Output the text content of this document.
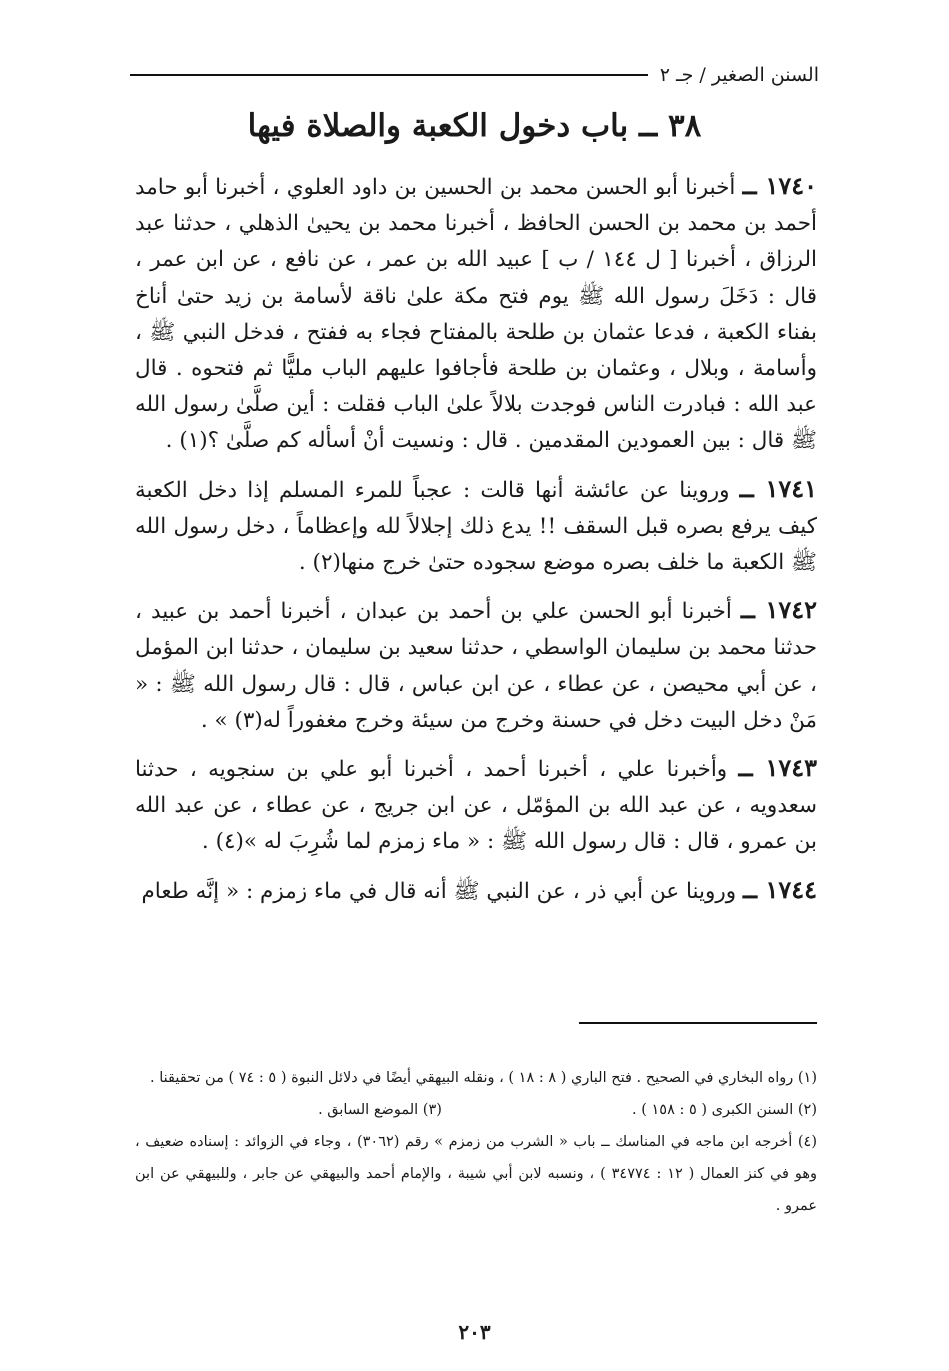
السنن الصغير / جـ ٢
٣٨ ــ باب دخول الكعبة والصلاة فيها

١٧٤٠ ــ أخبرنا أبو الحسن محمد بن الحسين بن داود العلوي ، أخبرنا أبو حامد أحمد بن محمد بن الحسن الحافظ ، أخبرنا محمد بن يحيىٰ الذهلي ، حدثنا عبد الرزاق ، أخبرنا [ ل ١٤٤ / ب ] عبيد الله بن عمر ، عن نافع ، عن ابن عمر ، قال : دَخَلَ رسول الله ﷺ يوم فتح مكة علىٰ ناقة لأسامة بن زيد حتىٰ أناخ بفناء الكعبة ، فدعا عثمان بن طلحة بالمفتاح فجاء به ففتح ، فدخل النبي ﷺ ، وأسامة ، وبلال ، وعثمان بن طلحة فأجافوا عليهم الباب مليًّا ثم فتحوه . قال عبد الله : فبادرت الناس فوجدت بلالاً علىٰ الباب فقلت : أين صلَّىٰ رسول الله ﷺ قال : بين العمودين المقدمين . قال : ونسيت أنْ أسأله كم صلَّىٰ ؟(١) .

١٧٤١ ــ وروينا عن عائشة أنها قالت : عجباً للمرء المسلم إذا دخل الكعبة كيف يرفع بصره قبل السقف !! يدع ذلك إجلالاً لله وإعظاماً ، دخل رسول الله ﷺ الكعبة ما خلف بصره موضع سجوده حتىٰ خرج منها(٢) .

١٧٤٢ ــ أخبرنا أبو الحسن علي بن أحمد بن عبدان ، أخبرنا أحمد بن عبيد ، حدثنا محمد بن سليمان الواسطي ، حدثنا سعيد بن سليمان ، حدثنا ابن المؤمل ، عن أبي محيصن ، عن عطاء ، عن ابن عباس ، قال : قال رسول الله ﷺ : « مَنْ دخل البيت دخل في حسنة وخرج من سيئة وخرج مغفوراً له(٣) » .

١٧٤٣ ــ وأخبرنا علي ، أخبرنا أحمد ، أخبرنا أبو علي بن سنجويه ، حدثنا سعدويه ، عن عبد الله بن المؤمّل ، عن ابن جريج ، عن عطاء ، عن عبد الله بن عمرو ، قال : قال رسول الله ﷺ : « ماء زمزم لما شُرِبَ له »(٤) .

١٧٤٤ ــ وروينا عن أبي ذر ، عن النبي ﷺ أنه قال في ماء زمزم : « إنَّه طعام

(١) رواه البخاري في الصحيح . فتح الباري ( ٨ : ١٨ ) ، ونقله البيهقي أيضًا في دلائل النبوة ( ٥ : ٧٤ ) من تحقيقنا .

(٢) السنن الكبرى ( ٥ : ١٥٨ ) .
(٣) الموضع السابق .

(٤) أخرجه ابن ماجه في المناسك ــ باب « الشرب من زمزم » رقم (٣٠٦٢) ، وجاء في الزوائد : إسناده ضعيف ، وهو في كنز العمال ( ١٢ : ٣٤٧٧٤ ) ، ونسبه لابن أبي شيبة ، والإمام أحمد والبيهقي عن جابر ، وللبيهقي عن ابن عمرو .

٢٠٣
